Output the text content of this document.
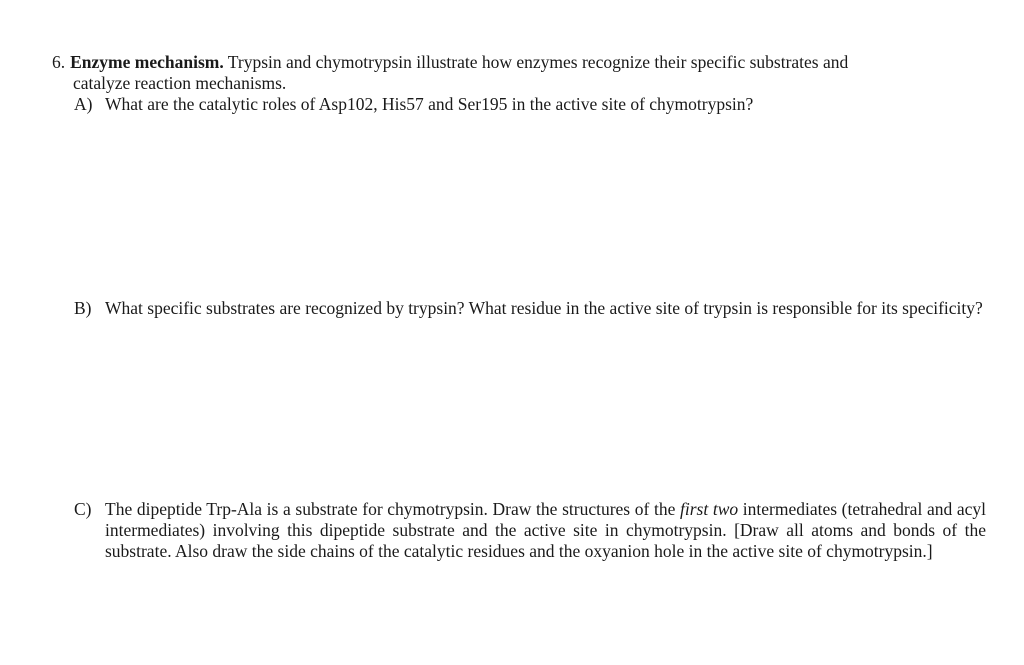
6. Enzyme mechanism. Trypsin and chymotrypsin illustrate how enzymes recognize their specific substrates and
catalyze reaction mechanisms.
A) What are the catalytic roles of Asp102, His57 and Ser195 in the active site of chymotrypsin?
B) What specific substrates are recognized by trypsin? What residue in the active site of trypsin is responsible for its specificity?
C) The dipeptide Trp-Ala is a substrate for chymotrypsin. Draw the structures of the first two intermediates (tetrahedral and acyl intermediates) involving this dipeptide substrate and the active site in chymotrypsin. [Draw all atoms and bonds of the substrate. Also draw the side chains of the catalytic residues and the oxyanion hole in the active site of chymotrypsin.]
